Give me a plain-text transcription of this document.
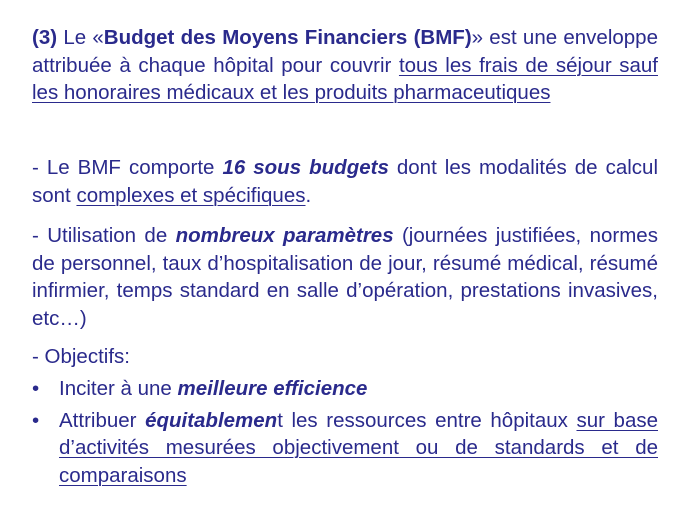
(3) Le «Budget des Moyens Financiers (BMF)» est une enveloppe attribuée à chaque hôpital pour couvrir tous les frais de séjour sauf les honoraires médicaux et les produits pharmaceutiques

- Le BMF comporte 16 sous budgets dont les modalités de calcul sont complexes et spécifiques.

- Utilisation de nombreux paramètres (journées justifiées, normes de personnel, taux d’hospitalisation de jour, résumé médical, résumé infirmier, temps standard en salle d’opération, prestations invasives, etc…)

- Objectifs:

• Inciter à une meilleure efficience
• Attribuer équitablement les ressources entre hôpitaux sur base d’activités mesurées objectivement ou de standards et de comparaisons
